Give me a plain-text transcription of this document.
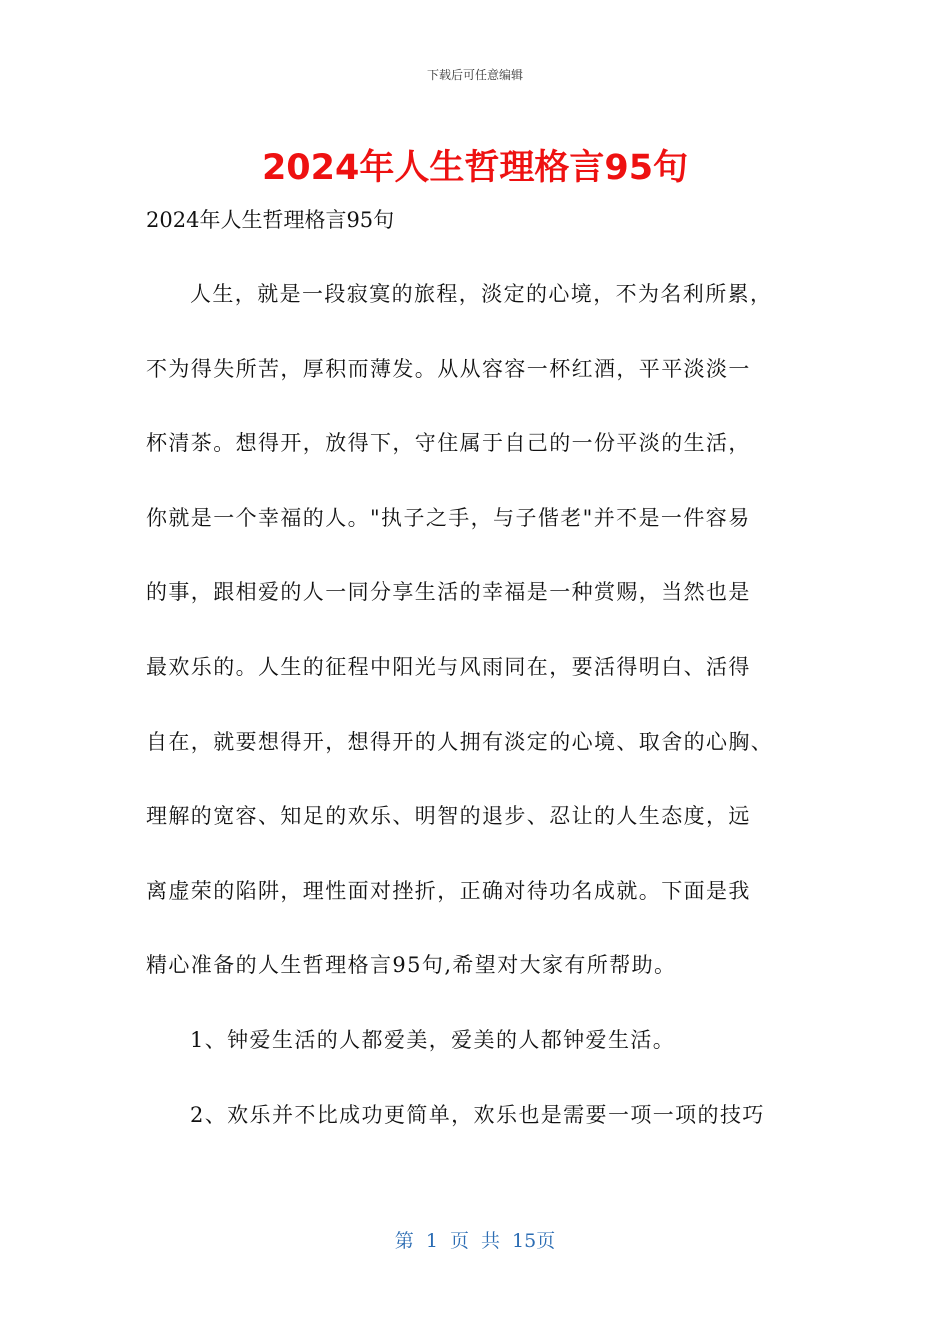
下载后可任意编辑
2024年人生哲理格言95句
2024年人生哲理格言95句
人生，就是一段寂寞的旅程，淡定的心境，不为名利所累，
不为得失所苦，厚积而薄发。从从容容一杯红酒，平平淡淡一
杯清茶。想得开，放得下，守住属于自己的一份平淡的生活，
你就是一个幸福的人。"执子之手，与子偕老"并不是一件容易
的事，跟相爱的人一同分享生活的幸福是一种赏赐，当然也是
最欢乐的。人生的征程中阳光与风雨同在，要活得明白、活得
自在，就要想得开，想得开的人拥有淡定的心境、取舍的心胸、
理解的宽容、知足的欢乐、明智的退步、忍让的人生态度，远
离虚荣的陷阱，理性面对挫折，正确对待功名成就。下面是我
精心准备的人生哲理格言95句,希望对大家有所帮助。
1、钟爱生活的人都爱美，爱美的人都钟爱生活。
2、欢乐并不比成功更简单，欢乐也是需要一项一项的技巧
第 1 页 共 15页
